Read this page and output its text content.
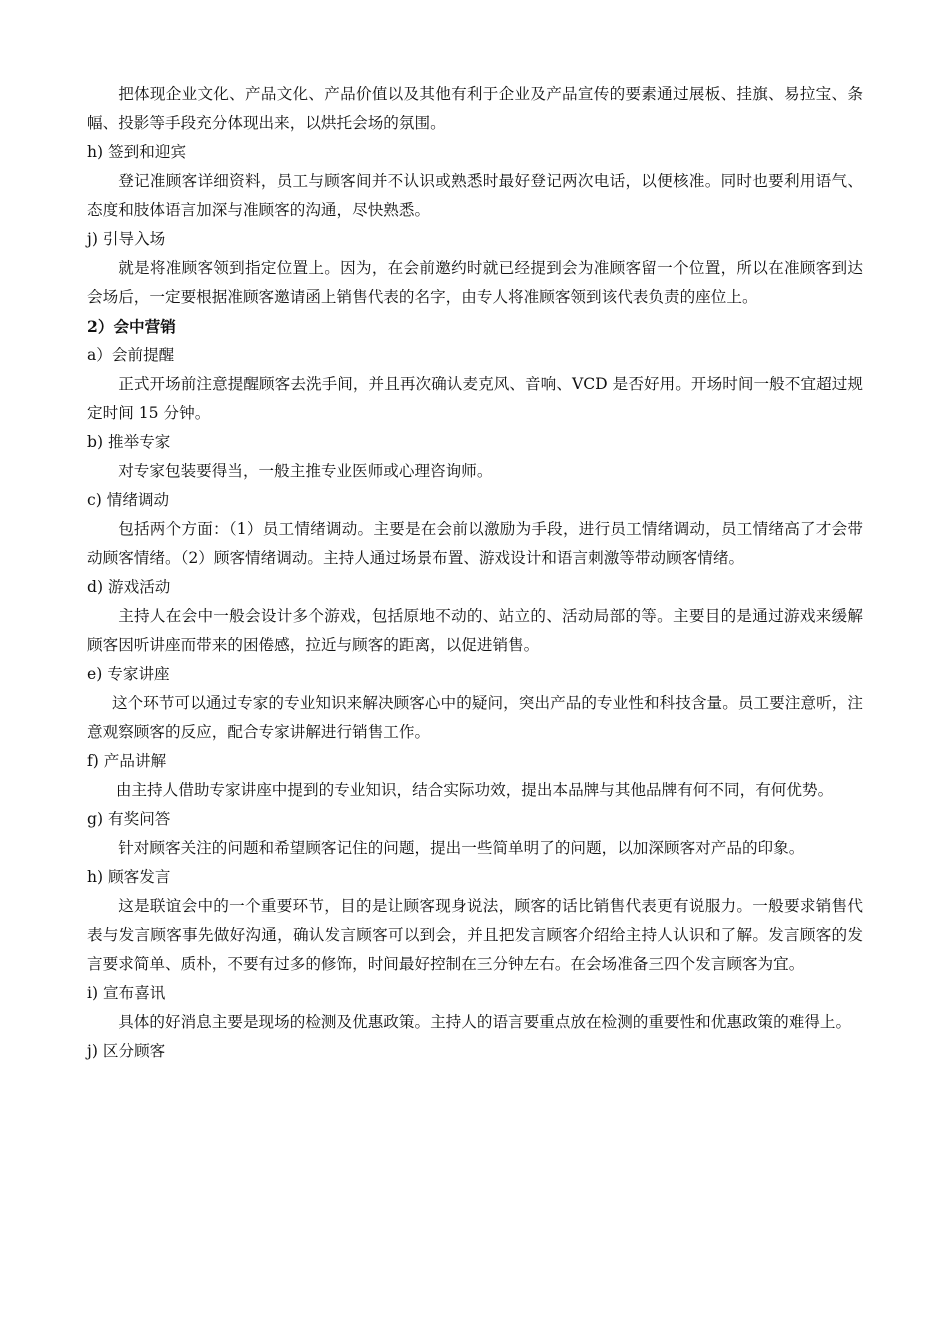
把体现企业文化、产品文化、产品价值以及其他有利于企业及产品宣传的要素通过展板、挂旗、易拉宝、条幅、投影等手段充分体现出来，以烘托会场的氛围。

h) 签到和迎宾

登记准顾客详细资料，员工与顾客间并不认识或熟悉时最好登记两次电话，以便核准。同时也要利用语气、态度和肢体语言加深与准顾客的沟通，尽快熟悉。

j) 引导入场

就是将准顾客领到指定位置上。因为，在会前邀约时就已经提到会为准顾客留一个位置，所以在准顾客到达会场后，一定要根据准顾客邀请函上销售代表的名字，由专人将准顾客领到该代表负责的座位上。

2）会中营销

a）会前提醒

正式开场前注意提醒顾客去洗手间，并且再次确认麦克风、音响、VCD 是否好用。开场时间一般不宜超过规定时间 15 分钟。

b) 推举专家

对专家包装要得当，一般主推专业医师或心理咨询师。

c) 情绪调动

包括两个方面：（1）员工情绪调动。主要是在会前以激励为手段，进行员工情绪调动，员工情绪高了才会带动顾客情绪。（2）顾客情绪调动。主持人通过场景布置、游戏设计和语言刺激等带动顾客情绪。

d) 游戏活动

主持人在会中一般会设计多个游戏，包括原地不动的、站立的、活动局部的等。主要目的是通过游戏来缓解顾客因听讲座而带来的困倦感，拉近与顾客的距离，以促进销售。

e) 专家讲座

这个环节可以通过专家的专业知识来解决顾客心中的疑问，突出产品的专业性和科技含量。员工要注意听，注意观察顾客的反应，配合专家讲解进行销售工作。

f) 产品讲解

由主持人借助专家讲座中提到的专业知识，结合实际功效，提出本品牌与其他品牌有何不同，有何优势。

g) 有奖问答

针对顾客关注的问题和希望顾客记住的问题，提出一些简单明了的问题，以加深顾客对产品的印象。

h) 顾客发言

这是联谊会中的一个重要环节，目的是让顾客现身说法，顾客的话比销售代表更有说服力。一般要求销售代表与发言顾客事先做好沟通，确认发言顾客可以到会，并且把发言顾客介绍给主持人认识和了解。发言顾客的发言要求简单、质朴，不要有过多的修饰，时间最好控制在三分钟左右。在会场准备三四个发言顾客为宜。

i) 宣布喜讯

具体的好消息主要是现场的检测及优惠政策。主持人的语言要重点放在检测的重要性和优惠政策的难得上。

j) 区分顾客
